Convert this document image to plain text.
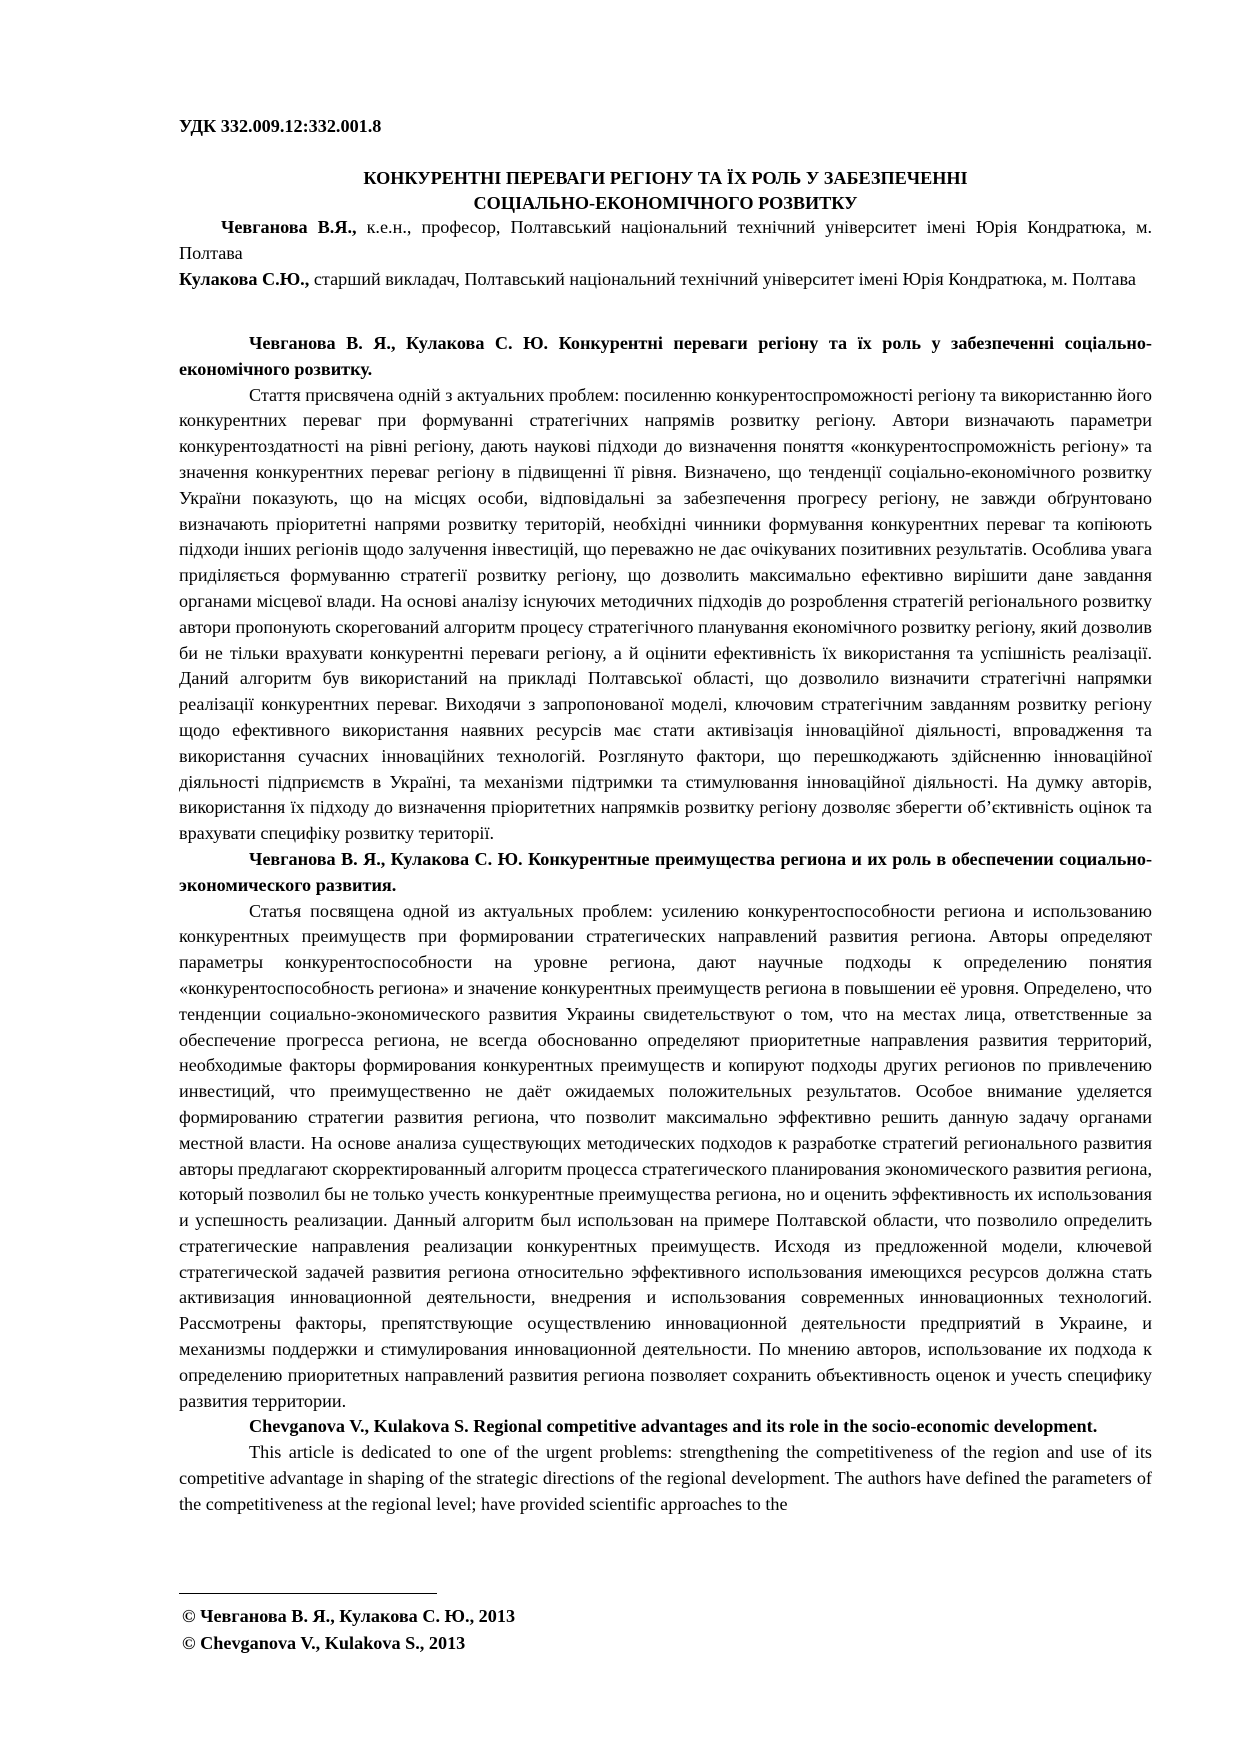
УДК 332.009.12:332.001.8
КОНКУРЕНТНІ ПЕРЕВАГИ РЕГІОНУ ТА ЇХ РОЛЬ У ЗАБЕЗПЕЧЕННІ
СОЦІАЛЬНО-ЕКОНОМІЧНОГО РОЗВИТКУ

Чевганова В.Я., к.е.н., професор, Полтавський національний технічний університет імені Юрія Кондратюка, м. Полтава

Кулакова С.Ю., старший викладач, Полтавський національний технічний університет імені Юрія Кондратюка, м. Полтава

Чевганова В. Я., Кулакова С. Ю. Конкурентні переваги регіону та їх роль у забезпеченні соціально-економічного розвитку.

Стаття присвячена одній з актуальних проблем: посиленню конкурентоспроможності регіону та використанню його конкурентних переваг при формуванні стратегічних напрямів розвитку регіону. Автори визначають параметри конкурентоздатності на рівні регіону, дають наукові підходи до визначення поняття «конкурентоспроможність регіону» та значення конкурентних переваг регіону в підвищенні її рівня. Визначено, що тенденції соціально-економічного розвитку України показують, що на місцях особи, відповідальні за забезпечення прогресу регіону, не завжди обґрунтовано визначають пріоритетні напрями розвитку територій, необхідні чинники формування конкурентних переваг та копіюють підходи інших регіонів щодо залучення інвестицій, що переважно не дає очікуваних позитивних результатів. Особлива увага приділяється формуванню стратегії розвитку регіону, що дозволить максимально ефективно вирішити дане завдання органами місцевої влади. На основі аналізу існуючих методичних підходів до розроблення стратегій регіонального розвитку автори пропонують скорегований алгоритм процесу стратегічного планування економічного розвитку регіону, який дозволив би не тільки врахувати конкурентні переваги регіону, а й оцінити ефективність їх використання та успішність реалізації. Даний алгоритм був використаний на прикладі Полтавської області, що дозволило визначити стратегічні напрямки реалізації конкурентних переваг. Виходячи з запропонованої моделі, ключовим стратегічним завданням розвитку регіону щодо ефективного використання наявних ресурсів має стати активізація інноваційної діяльності, впровадження та використання сучасних інноваційних технологій. Розглянуто фактори, що перешкоджають здійсненню інноваційної діяльності підприємств в Україні, та механізми підтримки та стимулювання інноваційної діяльності. На думку авторів, використання їх підходу до визначення пріоритетних напрямків розвитку регіону дозволяє зберегти об’єктивність оцінок та врахувати специфіку розвитку території.

Чевганова В. Я., Кулакова С. Ю. Конкурентные преимущества региона и их роль в обеспечении социально-экономического развития.

Статья посвящена одной из актуальных проблем: усилению конкурентоспособности региона и использованию конкурентных преимуществ при формировании стратегических направлений развития региона. Авторы определяют параметры конкурентоспособности на уровне региона, дают научные подходы к определению понятия «конкурентоспособность региона» и значение конкурентных преимуществ региона в повышении её уровня. Определено, что тенденции социально-экономического развития Украины свидетельствуют о том, что на местах лица, ответственные за обеспечение прогресса региона, не всегда обоснованно определяют приоритетные направления развития территорий, необходимые факторы формирования конкурентных преимуществ и копируют подходы других регионов по привлечению инвестиций, что преимущественно не даёт ожидаемых положительных результатов. Особое внимание уделяется формированию стратегии развития региона, что позволит максимально эффективно решить данную задачу органами местной власти. На основе анализа существующих методических подходов к разработке стратегий регионального развития авторы предлагают скорректированный алгоритм процесса стратегического планирования экономического развития региона, который позволил бы не только учесть конкурентные преимущества региона, но и оценить эффективность их использования и успешность реализации. Данный алгоритм был использован на примере Полтавской области, что позволило определить стратегические направления реализации конкурентных преимуществ. Исходя из предложенной модели, ключевой стратегической задачей развития региона относительно эффективного использования имеющихся ресурсов должна стать активизация инновационной деятельности, внедрения и использования современных инновационных технологий. Рассмотрены факторы, препятствующие осуществлению инновационной деятельности предприятий в Украине, и механизмы поддержки и стимулирования инновационной деятельности. По мнению авторов, использование их подхода к определению приоритетных направлений развития региона позволяет сохранить объективность оценок и учесть специфику развития территории.

Chevganova V., Kulakova S. Regional competitive advantages and its role in the socio-economic development.

This article is dedicated to one of the urgent problems: strengthening the competitiveness of the region and use of its competitive advantage in shaping of the strategic directions of the regional development. The authors have defined the parameters of the competitiveness at the regional level; have provided scientific approaches to the

© Чевганова В. Я., Кулакова С. Ю., 2013
© Chevganova V., Kulakova S., 2013
